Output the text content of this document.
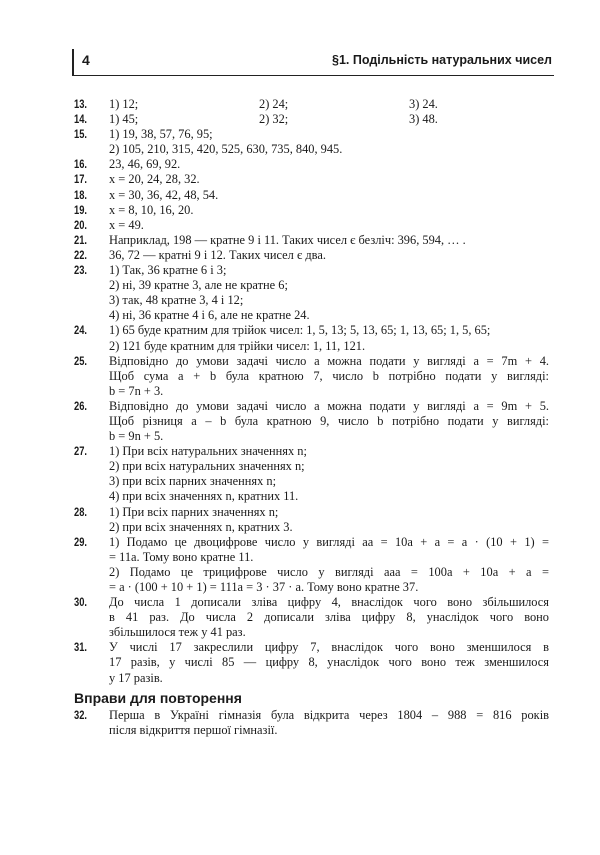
4	§1. Подільність натуральних чисел
13.	1) 12;	2) 24;	3) 24.
14.	1) 45;	2) 32;	3) 48.
15.	1) 19, 38, 57, 76, 95;
2) 105, 210, 315, 420, 525, 630, 735, 840, 945.
16.	23, 46, 69, 92.
17.	x = 20, 24, 28, 32.
18.	x = 30, 36, 42, 48, 54.
19.	x = 8, 10, 16, 20.
20.	x = 49.
21.	Наприклад, 198 — кратне 9 і 11. Таких чисел є безліч: 396, 594, … .
22.	36, 72 — кратні 9 і 12. Таких чисел є два.
23.	1) Так, 36 кратне 6 і 3;
2) ні, 39 кратне 3, але не кратне 6;
3) так, 48 кратне 3, 4 і 12;
4) ні, 36 кратне 4 і 6, але не кратне 24.
24.	1) 65 буде кратним для трійок чисел: 1, 5, 13; 5, 13, 65; 1, 13, 65; 1, 5, 65;
2) 121 буде кратним для трійки чисел: 1, 11, 121.
25.	Відповідно до умови задачі число a можна подати у вигляді a = 7m + 4.
Щоб сума a + b була кратною 7, число b потрібно подати у вигляді:
b = 7n + 3.
26.	Відповідно до умови задачі число a можна подати у вигляді a = 9m + 5.
Щоб різниця a – b була кратною 9, число b потрібно подати у вигляді:
b = 9n + 5.
27.	1) При всіх натуральних значеннях n;
2) при всіх натуральних значеннях n;
3) при всіх парних значеннях n;
4) при всіх значеннях n, кратних 11.
28.	1) При всіх парних значеннях n;
2) при всіх значеннях n, кратних 3.
29.	1) Подамо це двоцифрове число у вигляді aa = 10a + a = a · (10 + 1) =
= 11a. Тому воно кратне 11.
2) Подамо це трицифрове число у вигляді aaa = 100a + 10a + a =
= a · (100 + 10 + 1) = 111a = 3 · 37 · a. Тому воно кратне 37.
30.	До числа 1 дописали зліва цифру 4, внаслідок чого воно збільшилося
в 41 раз. До числа 2 дописали зліва цифру 8, унаслідок чого воно
збільшилося теж у 41 раз.
31.	У числі 17 закреслили цифру 7, внаслідок чого воно зменшилося в
17 разів, у числі 85 — цифру 8, унаслідок чого воно теж зменшилося
у 17 разів.
Вправи для повторення
32.	Перша в Україні гімназія була відкрита через 1804 – 988 = 816 років
після відкриття першої гімназії.
